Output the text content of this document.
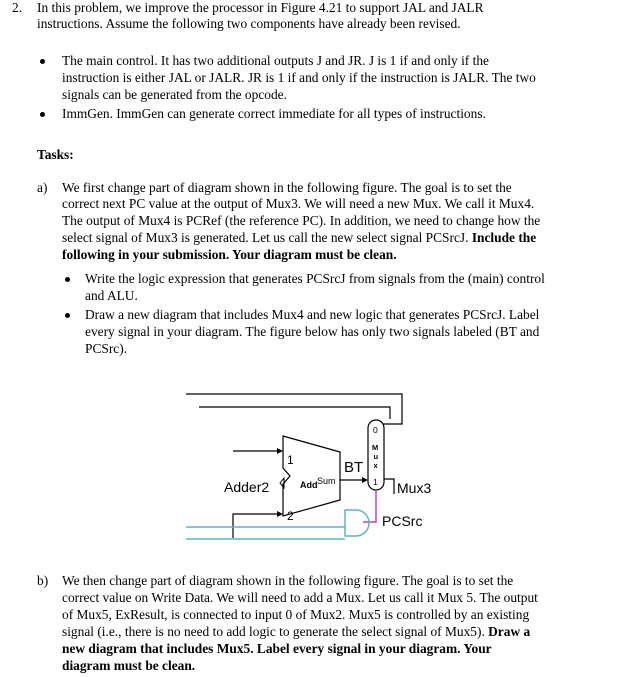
2. In this problem, we improve the processor in Figure 4.21 to support JAL and JALR
instructions. Assume the following two components have already been revised.
The main control. It has two additional outputs J and JR. J is 1 if and only if the
instruction is either JAL or JALR. JR is 1 if and only if the instruction is JALR. The two
signals can be generated from the opcode.
ImmGen. ImmGen can generate correct immediate for all types of instructions.
Tasks:
a) We first change part of diagram shown in the following figure. The goal is to set the
correct next PC value at the output of Mux3. We will need a new Mux. We call it Mux4.
The output of Mux4 is PCRef (the reference PC). In addition, we need to change how the
select signal of Mux3 is generated. Let us call the new select signal PCSrcJ. Include the
following in your submission. Your diagram must be clean.
Write the logic expression that generates PCSrcJ from signals from the (main) control
and ALU.
Draw a new diagram that includes Mux4 and new logic that generates PCSrcJ. Label
every signal in your diagram. The figure below has only two signals labeled (BT and
PCSrc).
1
2
Adder2	Add Sum
0
M
u
x
1 Mux3
BT
PCSrc
b) We then change part of diagram shown in the following figure. The goal is to set the
correct value on Write Data. We will need to add a Mux. Let us call it Mux 5. The output
of Mux5, ExResult, is connected to input 0 of Mux2. Mux5 is controlled by an existing
signal (i.e., there is no need to add logic to generate the select signal of Mux5). Draw a
new diagram that includes Mux5. Label every signal in your diagram. Your
diagram must be clean.
